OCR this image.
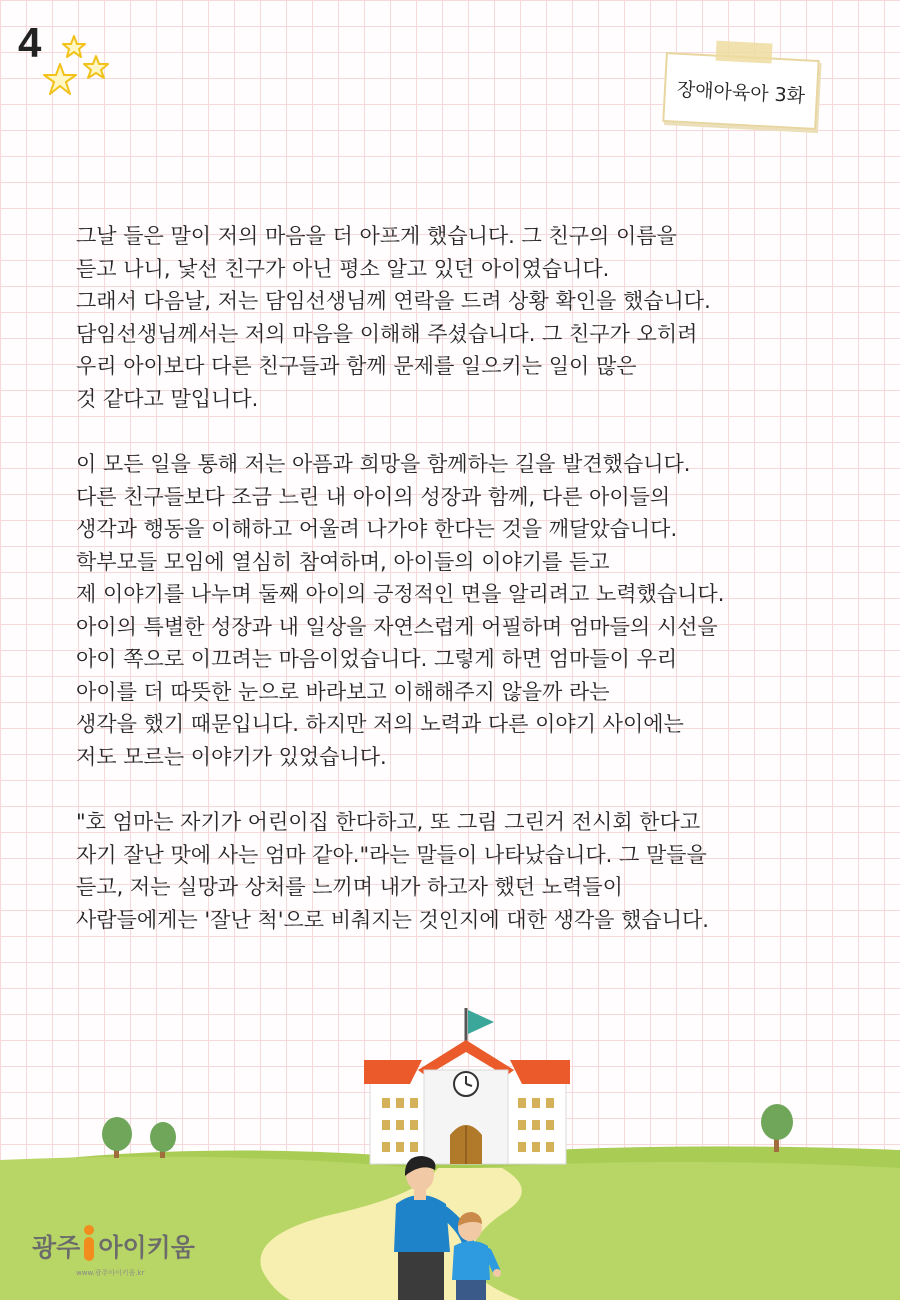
4
장애아육아 3화

그날 들은 말이 저의 마음을 더 아프게 했습니다. 그 친구의 이름을
듣고 나니, 낯선 친구가 아닌 평소 알고 있던 아이였습니다.
그래서 다음날, 저는 담임선생님께 연락을 드려 상황 확인을 했습니다.
담임선생님께서는 저의 마음을 이해해 주셨습니다. 그 친구가 오히려
우리 아이보다 다른 친구들과 함께 문제를 일으키는 일이 많은
것 같다고 말입니다.

이 모든 일을 통해 저는 아픔과 희망을 함께하는 길을 발견했습니다.
다른 친구들보다 조금 느린 내 아이의 성장과 함께, 다른 아이들의
생각과 행동을 이해하고 어울려 나가야 한다는 것을 깨달았습니다.
학부모들 모임에 열심히 참여하며, 아이들의 이야기를 듣고
제 이야기를 나누며 둘째 아이의 긍정적인 면을 알리려고 노력했습니다.
아이의 특별한 성장과 내 일상을 자연스럽게 어필하며 엄마들의 시선을
아이 쪽으로 이끄려는 마음이었습니다. 그렇게 하면 엄마들이 우리
아이를 더 따뜻한 눈으로 바라보고 이해해주지 않을까 라는
생각을 했기 때문입니다. 하지만 저의 노력과 다른 이야기 사이에는
저도 모르는 이야기가 있었습니다.

"호 엄마는 자기가 어린이집 한다하고, 또 그림 그린거 전시회 한다고
자기 잘난 맛에 사는 엄마 같아."라는 말들이 나타났습니다. 그 말들을
듣고, 저는 실망과 상처를 느끼며 내가 하고자 했던 노력들이
사람들에게는 '잘난 척'으로 비춰지는 것인지에 대한 생각을 했습니다.

광주 아이키움
www.광주아이키움.kr
